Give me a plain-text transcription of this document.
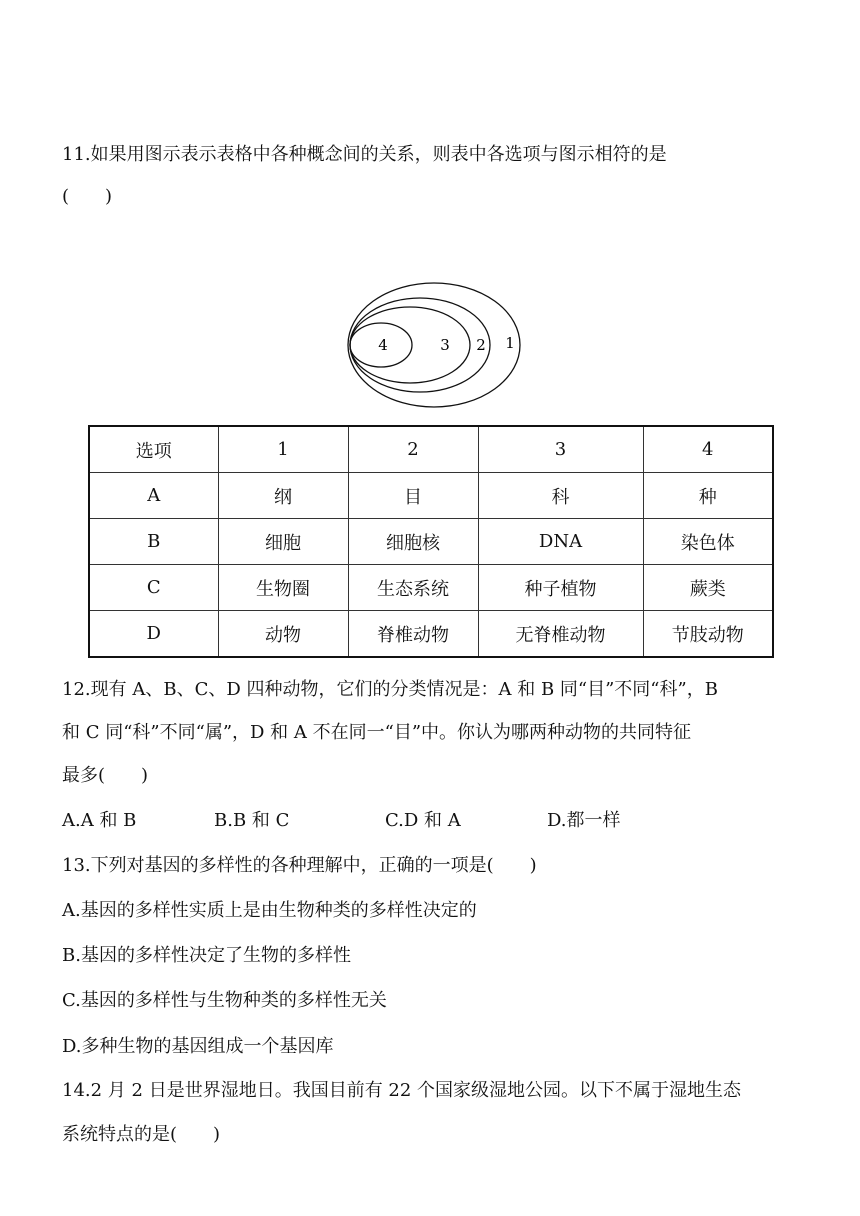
11.如果用图示表示表格中各种概念间的关系，则表中各选项与图示相符的是
(　　)
4	3 2 1
选项	1	2	3	4
A	纲	目	科	种
B	细胞	细胞核	DNA	染色体
C	生物圈	生态系统	种子植物	蕨类
D	动物	脊椎动物	无脊椎动物	节肢动物
12.现有 A、B、C、D 四种动物，它们的分类情况是：A 和 B 同“目”不同“科”，B
和 C 同“科”不同“属”，D 和 A 不在同一“目”中。你认为哪两种动物的共同特征
最多(　　)
A.A 和 B	B.B 和 C	C.D 和 A	D.都一样
13.下列对基因的多样性的各种理解中，正确的一项是(　　)
A.基因的多样性实质上是由生物种类的多样性决定的
B.基因的多样性决定了生物的多样性
C.基因的多样性与生物种类的多样性无关
D.多种生物的基因组成一个基因库
14.2 月 2 日是世界湿地日。我国目前有 22 个国家级湿地公园。以下不属于湿地生态
系统特点的是(　　)
